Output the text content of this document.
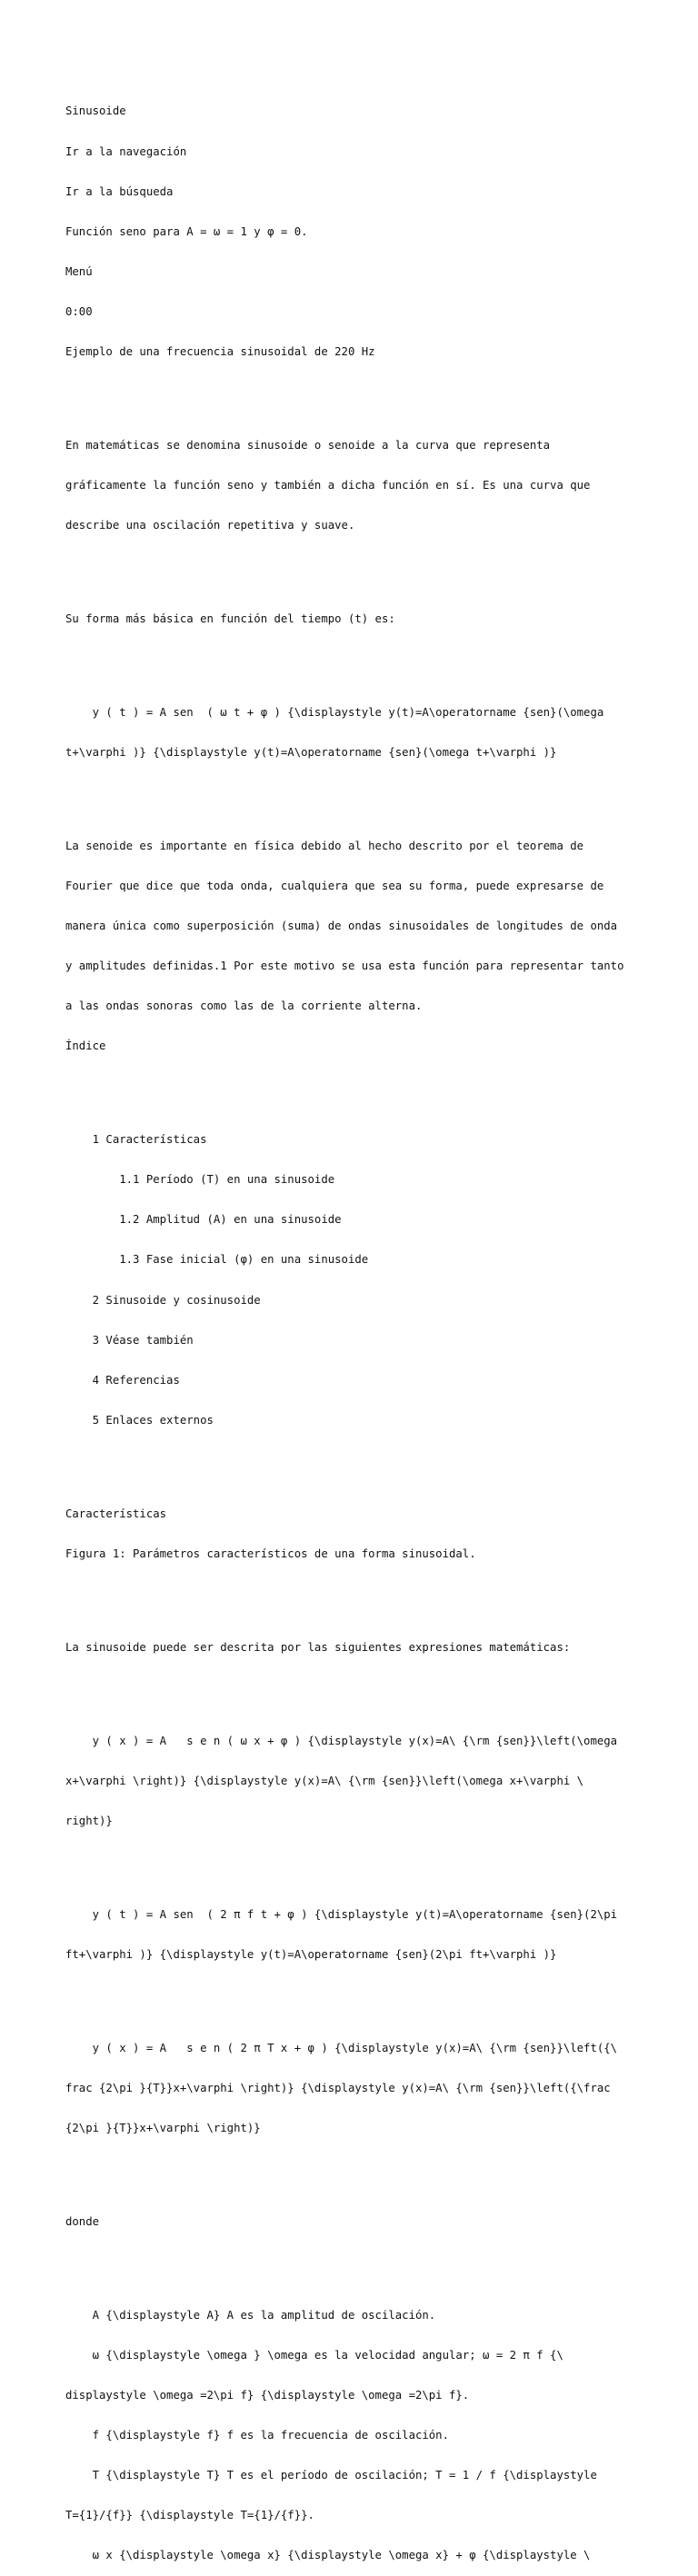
Sinusoide

Ir a la navegación

Ir a la búsqueda

Función seno para A = ω = 1 y φ = 0.

Menú

0:00

Ejemplo de una frecuencia sinusoidal de 220 Hz

En matemáticas se denomina sinusoide o senoide a la curva que representa

gráficamente la función seno y también a dicha función en sí. Es una curva que

describe una oscilación repetitiva y suave.

Su forma más básica en función del tiempo (t) es:

y ( t ) = A sen  ( ω t + φ ) {\displaystyle y(t)=A\operatorname {sen}(\omega

t+\varphi )} {\displaystyle y(t)=A\operatorname {sen}(\omega t+\varphi )}

La senoide es importante en física debido al hecho descrito por el teorema de

Fourier que dice que toda onda, cualquiera que sea su forma, puede expresarse de

manera única como superposición (suma) de ondas sinusoidales de longitudes de onda

y amplitudes definidas.1 Por este motivo se usa esta función para representar tanto

a las ondas sonoras como las de la corriente alterna.

Índice

1 Características

1.1 Período (T) en una sinusoide

1.2 Amplitud (A) en una sinusoide

1.3 Fase inicial (φ) en una sinusoide

2 Sinusoide y cosinusoide

3 Véase también

4 Referencias

5 Enlaces externos

Características

Figura 1: Parámetros característicos de una forma sinusoidal.

La sinusoide puede ser descrita por las siguientes expresiones matemáticas:

y ( x ) = A   s e n ( ω x + φ ) {\displaystyle y(x)=A\ {\rm {sen}}\left(\omega

x+\varphi \right)} {\displaystyle y(x)=A\ {\rm {sen}}\left(\omega x+\varphi \

right)}

y ( t ) = A sen  ( 2 π f t + φ ) {\displaystyle y(t)=A\operatorname {sen}(2\pi

ft+\varphi )} {\displaystyle y(t)=A\operatorname {sen}(2\pi ft+\varphi )}

y ( x ) = A   s e n ( 2 π T x + φ ) {\displaystyle y(x)=A\ {\rm {sen}}\left({\

frac {2\pi }{T}}x+\varphi \right)} {\displaystyle y(x)=A\ {\rm {sen}}\left({\frac

{2\pi }{T}}x+\varphi \right)}

donde

A {\displaystyle A} A es la amplitud de oscilación.

ω {\displaystyle \omega } \omega es la velocidad angular; ω = 2 π f {\

displaystyle \omega =2\pi f} {\displaystyle \omega =2\pi f}.

f {\displaystyle f} f es la frecuencia de oscilación.

T {\displaystyle T} T es el período de oscilación; T = 1 / f {\displaystyle

T={1}/{f}} {\displaystyle T={1}/{f}}.

ω x {\displaystyle \omega x} {\displaystyle \omega x} + φ {\displaystyle \
